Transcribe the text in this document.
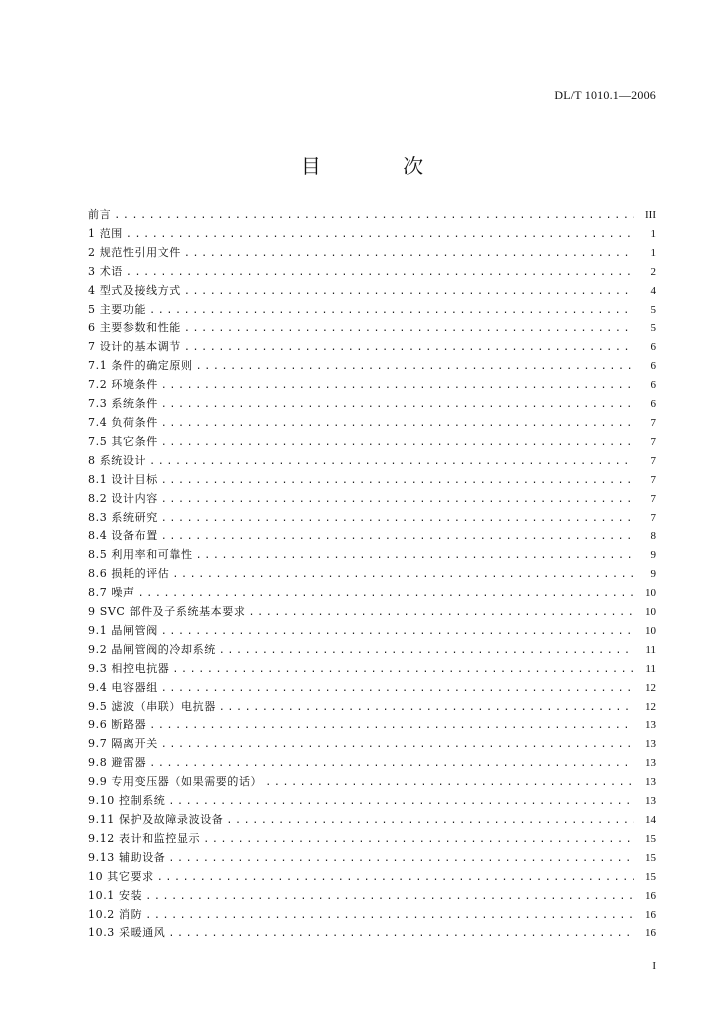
DL/T 1010.1—2006
目 次
前言 .....	III
1 范围 .....	1
2 规范性引用文件 .....	1
3 术语 .....	2
4 型式及接线方式 .....	4
5 主要功能 .....	5
6 主要参数和性能 .....	5
7 设计的基本调节 .....	6
7.1 条件的确定原则 .....	6
7.2 环境条件 .....	6
7.3 系统条件 .....	6
7.4 负荷条件 .....	7
7.5 其它条件 .....	7
8 系统设计 .....	7
8.1 设计目标 .....	7
8.2 设计内容 .....	7
8.3 系统研究 .....	7
8.4 设备布置 .....	8
8.5 利用率和可靠性 .....	9
8.6 损耗的评估 .....	9
8.7 噪声 .....	10
9 SVC 部件及子系统基本要求 .....	10
9.1 晶闸管阀 .....	10
9.2 晶闸管阀的冷却系统 .....	11
9.3 相控电抗器 .....	11
9.4 电容器组 .....	12
9.5 滤波（串联）电抗器 .....	12
9.6 断路器 .....	13
9.7 隔离开关 .....	13
9.8 避雷器 .....	13
9.9 专用变压器（如果需要的话） .....	13
9.10 控制系统 .....	13
9.11 保护及故障录波设备 .....	14
9.12 表计和监控显示 .....	15
9.13 辅助设备 .....	15
10 其它要求 .....	15
10.1 安装 .....	16
10.2 消防 .....	16
10.3 采暖通风 .....	16
I
